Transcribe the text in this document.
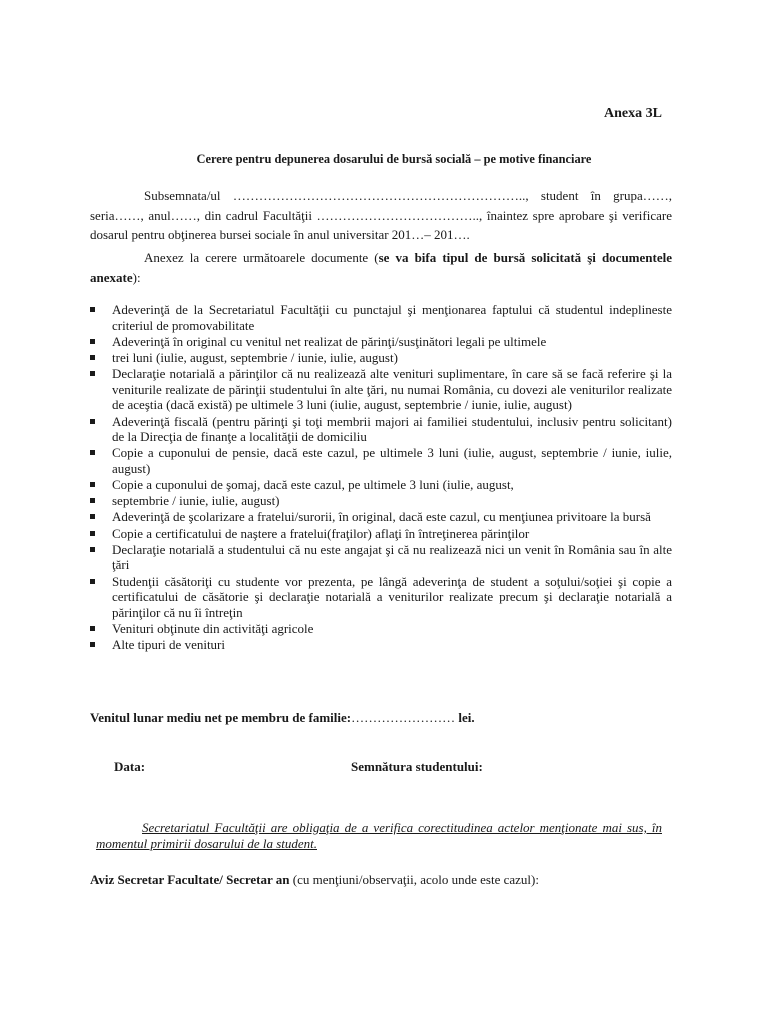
Anexa 3L
Cerere pentru depunerea dosarului de bursă socială – pe motive financiare
Subsemnata/ul ………………………………………………………….., student în grupa……, seria……, anul……, din cadrul Facultăţii ……………………………….., înaintez spre aprobare şi verificare dosarul pentru obţinerea bursei sociale în anul universitar 201…– 201….
Anexez la cerere următoarele documente (se va bifa tipul de bursă solicitată şi documentele anexate):
Adeverinţă de la Secretariatul Facultăţii cu punctajul şi menţionarea faptului că studentul indeplineste criteriul de promovabilitate
Adeverinţă în original cu venitul net realizat de părinţi/susţinători legali pe ultimele
trei luni (iulie, august, septembrie / iunie, iulie, august)
Declaraţie notarială a părinţilor că nu realizează alte venituri suplimentare, în care să se facă referire şi la veniturile realizate de părinţii studentului în alte ţări, nu numai România, cu dovezi ale veniturilor realizate de aceştia (dacă există) pe ultimele 3 luni (iulie, august, septembrie / iunie, iulie, august)
Adeverinţă fiscală (pentru părinţi şi toţi membrii majori ai familiei studentului, inclusiv pentru solicitant) de la Direcţia de finanţe a localităţii de domiciliu
Copie a cuponului de pensie, dacă este cazul, pe ultimele 3 luni (iulie, august, septembrie / iunie, iulie, august)
Copie a cuponului de şomaj, dacă este cazul, pe ultimele 3 luni (iulie, august,
septembrie / iunie, iulie, august)
Adeverinţă de şcolarizare a fratelui/surorii, în original, dacă este cazul, cu menţiunea privitoare la bursă
Copie a certificatului de naştere a fratelui(fraţilor) aflaţi în întreţinerea părinţilor
Declaraţie notarială a studentului că nu este angajat şi că nu realizează nici un venit în România sau în alte ţări
Studenţii căsătoriţi cu studente vor prezenta, pe lângă adeverinţa de student a soţului/soţiei şi copie a certificatului de căsătorie şi declaraţie notarială a veniturilor realizate precum şi declaraţie notarială a părinţilor că nu îi întreţin
Venituri obţinute din activităţi agricole
Alte tipuri de venituri
Venitul lunar mediu net pe membru de familie:…………………… lei.
Data:	Semnătura studentului:
Secretariatul Facultăţii are obligaţia de a verifica corectitudinea actelor menţionate mai sus, în momentul primirii dosarului de la student.
Aviz Secretar Facultate/ Secretar an (cu menţiuni/observaţii, acolo unde este cazul):
